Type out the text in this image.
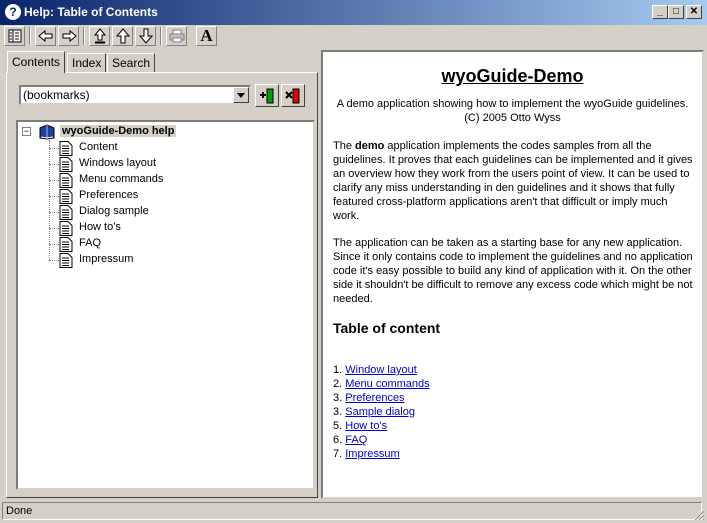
? Help: Table of Contents	_	□	✕
A
Contents Index Search
(bookmarks)
−	wyoGuide-Demo help
Content
Windows layout
Menu commands
Preferences
Dialog sample
How to's
FAQ
Impressum
wyoGuide-Demo
A demo application showing how to implement the wyoGuide guidelines.
(C) 2005 Otto Wyss
The demo application implements the codes samples from all the guidelines. It proves that each guidelines can be implemented and it gives an overview how they work from the users point of view. It can be used to clarify any miss understanding in den guidelines and it shows that fully featured cross-platform applications aren't that difficult or imply much work.
The application can be taken as a starting base for any new application. Since it only contains code to implement the guidelines and no application code it's easy possible to build any kind of application with it. On the other side it shouldn't be difficult to remove any excess code which might be not needed.
Table of content
1. Window layout
2. Menu commands
3. Preferences
3. Sample dialog
5. How to's
6. FAQ
7. Impressum
Done
